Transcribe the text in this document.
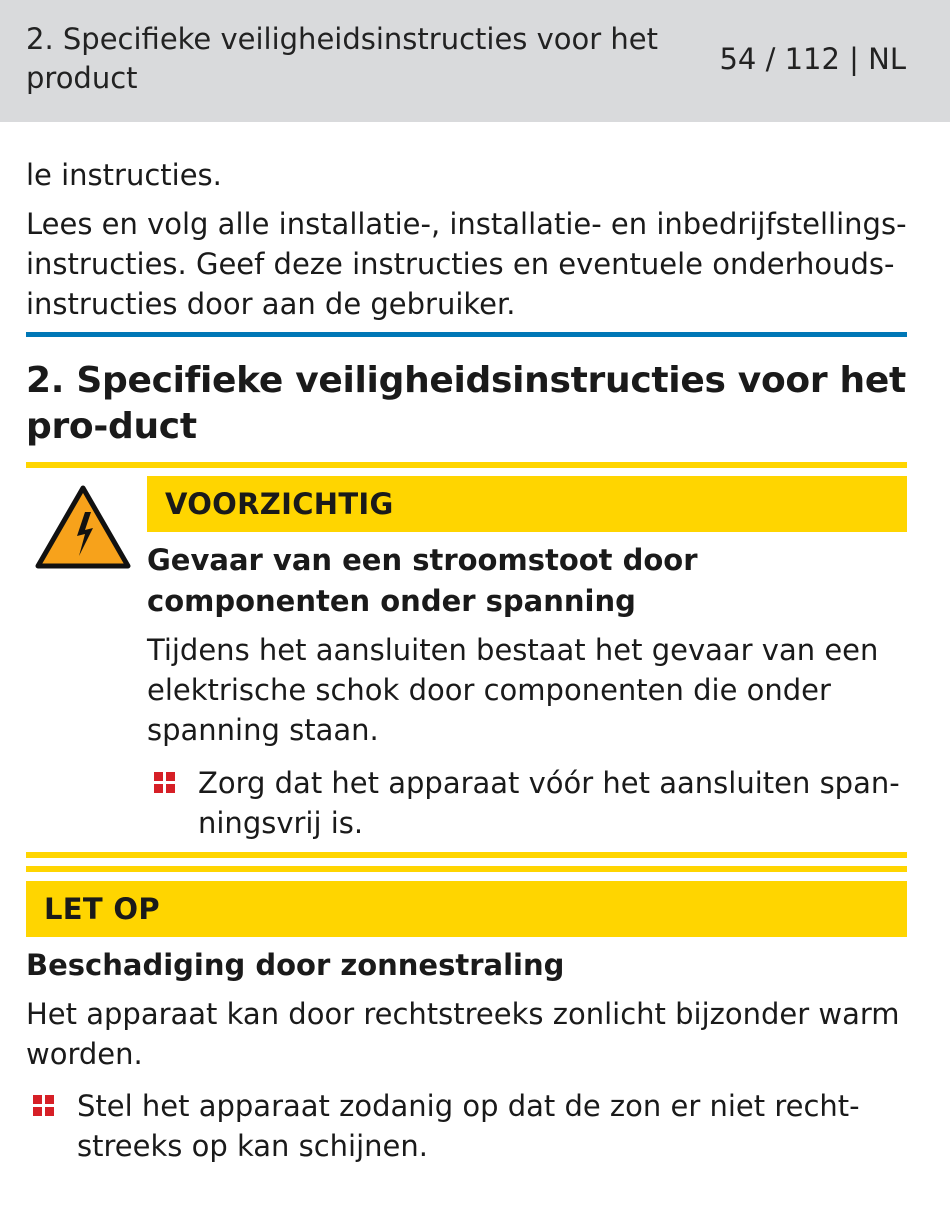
2. Specifieke veiligheidsinstructies voor het product
54 / 112 | NL

le instructies.

Lees en volg alle installatie-, installatie- en inbedrijfstellings-instructies. Geef deze instructies en eventuele onderhouds-instructies door aan de gebruiker.

2. Specifieke veiligheidsinstructies voor het pro-duct
VOORZICHTIG

Gevaar van een stroomstoot door componenten onder spanning

Tijdens het aansluiten bestaat het gevaar van een elektrische schok door componenten die onder spanning staan.

Zorg dat het apparaat vóór het aansluiten span-ningsvrij is.

LET OP

Beschadiging door zonnestraling

Het apparaat kan door rechtstreeks zonlicht bijzonder warm worden.

Stel het apparaat zodanig op dat de zon er niet recht-streeks op kan schijnen.
